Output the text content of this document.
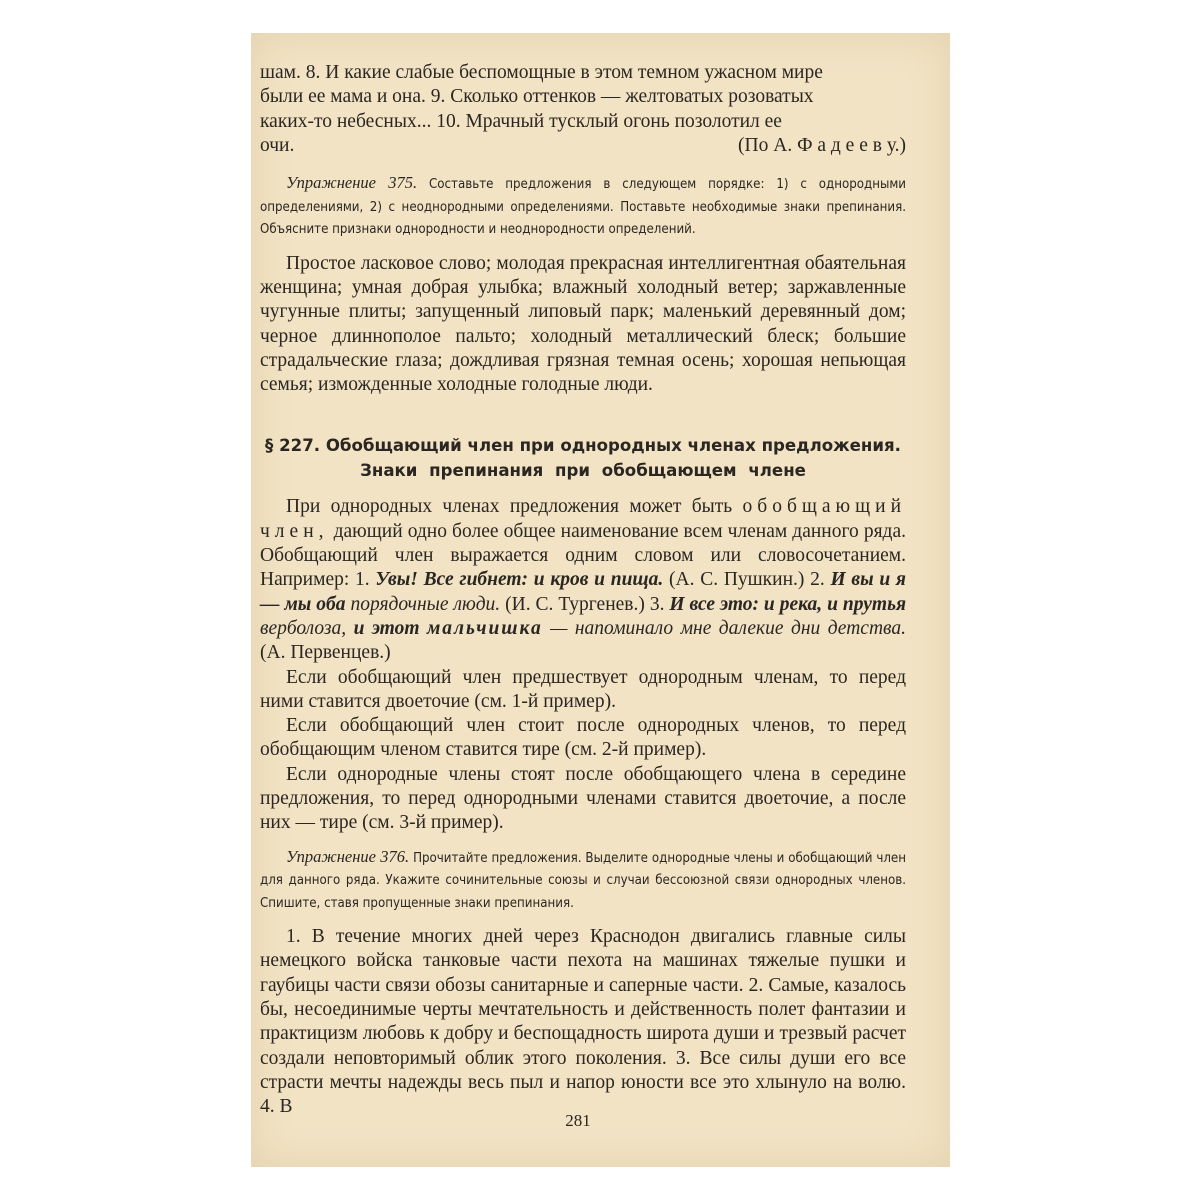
шам. 8. И какие слабые беспомощные в этом темном ужасном мире

были ее мама и она. 9. Сколько оттенков — желтоватых розоватых

каких-то небесных... 10. Мрачный тусклый огонь позолотил ее

очи.	(По А. Ф а д е е в у.)

Упражнение 375. Составьте предложения в следующем порядке: 1) с однородными определениями, 2) с неоднородными определениями. Поставьте необходимые знаки препинания. Объясните признаки однородности и неоднородности определений.

Простое ласковое слово; молодая прекрасная интеллигентная обаятельная женщина; умная добрая улыбка; влажный холодный ветер; заржавленные чугунные плиты; запущенный липовый парк; маленький деревянный дом; черное длиннополое пальто; холодный металлический блеск; большие страдальческие глаза; дождливая грязная темная осень; хорошая непьющая семья; изможденные холодные голодные люди.

§ 227. Обобщающий член при однородных членах предложения.

Знаки препинания при обобщающем члене

При однородных членах предложения может быть обобщающий член, дающий одно более общее наименование всем членам данного ряда. Обобщающий член выражается одним словом или словосочетанием. Например: 1. Увы! Все гибнет: и кров и пища. (А. С. Пушкин.) 2. И вы и я — мы оба порядочные люди. (И. С. Тургенев.) 3. И все это: и река, и прутья верболоза, и этот мальчишка — напоминало мне далекие дни детства. (А. Первенцев.)

Если обобщающий член предшествует однородным членам, то перед ними ставится двоеточие (см. 1-й пример).

Если обобщающий член стоит после однородных членов, то перед обобщающим членом ставится тире (см. 2-й пример).

Если однородные члены стоят после обобщающего члена в середине предложения, то перед однородными членами ставится двоеточие, а после них — тире (см. 3-й пример).

Упражнение 376. Прочитайте предложения. Выделите однородные члены и обобщающий член для данного ряда. Укажите сочинительные союзы и случаи бессоюзной связи однородных членов. Спишите, ставя пропущенные знаки препинания.

1. В течение многих дней через Краснодон двигались главные силы немецкого войска танковые части пехота на машинах тяжелые пушки и гаубицы части связи обозы санитарные и саперные части. 2. Самые, казалось бы, несоединимые черты мечтательность и действенность полет фантазии и практицизм любовь к добру и беспощадность широта души и трезвый расчет создали неповторимый облик этого поколения. 3. Все силы души его все страсти мечты надежды весь пыл и напор юности все это хлынуло на волю. 4. В

281
